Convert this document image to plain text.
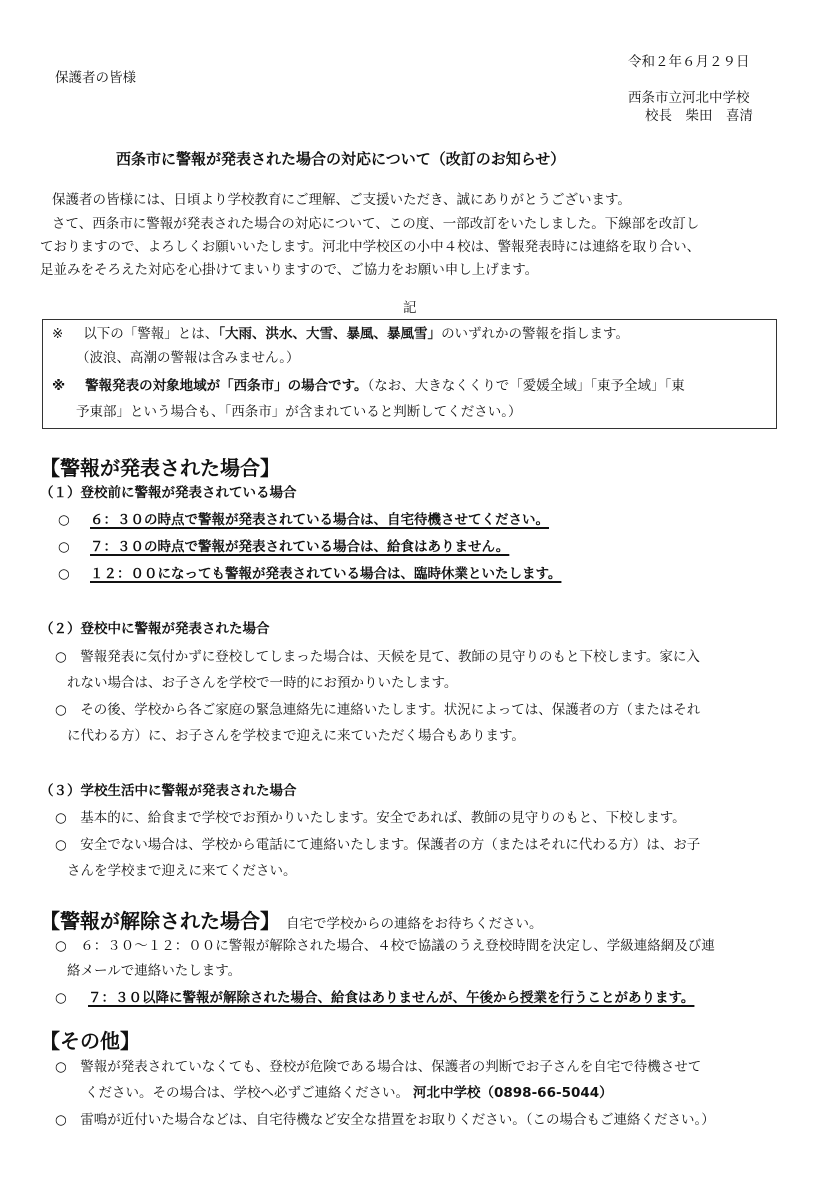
令和２年６月２９日
保護者の皆様
西条市立河北中学校
校長　柴田　喜清
西条市に警報が発表された場合の対応について（改訂のお知らせ）
保護者の皆様には、日頃より学校教育にご理解、ご支援いただき、誠にありがとうございます。
さて、西条市に警報が発表された場合の対応について、この度、一部改訂をいたしました。下線部を改訂し
ておりますので、よろしくお願いいたします。河北中学校区の小中４校は、警報発表時には連絡を取り合い、
足並みをそろえた対応を心掛けてまいりますので、ご協力をお願い申し上げます。
記
※ 以下の「警報」とは、「大雨、洪水、大雪、暴風、暴風雪」のいずれかの警報を指します。
（波浪、高潮の警報は含みません。）
※ 警報発表の対象地域が「西条市」の場合です。（なお、大きなくくりで「愛媛全域」「東予全域」「東
予東部」という場合も、「西条市」が含まれていると判断してください。）
【警報が発表された場合】
（１）登校前に警報が発表されている場合
○ ６：３０の時点で警報が発表されている場合は、自宅待機させてください。
○ ７：３０の時点で警報が発表されている場合は、給食はありません。
○ １２：００になっても警報が発表されている場合は、臨時休業といたします。
（２）登校中に警報が発表された場合
○　警報発表に気付かずに登校してしまった場合は、天候を見て、教師の見守りのもと下校します。家に入
れない場合は、お子さんを学校で一時的にお預かりいたします。
○　その後、学校から各ご家庭の緊急連絡先に連絡いたします。状況によっては、保護者の方（またはそれ
に代わる方）に、お子さんを学校まで迎えに来ていただく場合もあります。
（３）学校生活中に警報が発表された場合
○　基本的に、給食まで学校でお預かりいたします。安全であれば、教師の見守りのもと、下校します。
○　安全でない場合は、学校から電話にて連絡いたします。保護者の方（またはそれに代わる方）は、お子
さんを学校まで迎えに来てください。
【警報が解除された場合】 自宅で学校からの連絡をお待ちください。
○　６：３０～１２：００に警報が解除された場合、４校で協議のうえ登校時間を決定し、学級連絡網及び連
絡メールで連絡いたします。
○ ７：３０以降に警報が解除された場合、給食はありませんが、午後から授業を行うことがあります。
【その他】
○　警報が発表されていなくても、登校が危険である場合は、保護者の判断でお子さんを自宅で待機させて
ください。その場合は、学校へ必ずご連絡ください。 河北中学校（0898-66-5044）
○　雷鳴が近付いた場合などは、自宅待機など安全な措置をお取りください。（この場合もご連絡ください。）
